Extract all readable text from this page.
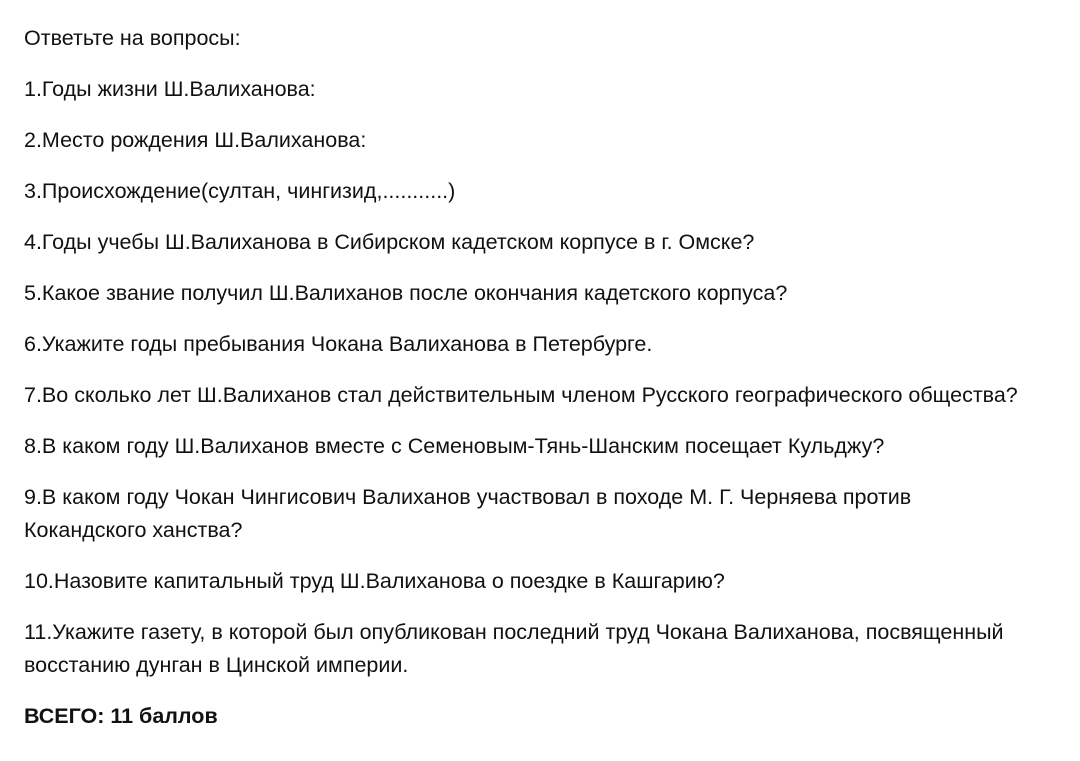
Ответьте на вопросы:

1.Годы жизни Ш.Валиханова:

2.Место рождения Ш.Валиханова:

3.Происхождение(султан, чингизид,...........)

4.Годы учебы Ш.Валиханова в Сибирском кадетском корпусе в г. Омске?

5.Какое звание получил Ш.Валиханов после окончания кадетского корпуса?

6.Укажите годы пребывания Чокана Валиханова в Петербурге.

7.Во сколько лет Ш.Валиханов стал действительным членом Русского географического общества?

8.В каком году Ш.Валиханов вместе с Семеновым-Тянь-Шанским посещает Кульджу?

9.В каком году Чокан Чингисович Валиханов участвовал в походе М. Г. Черняева против

Кокандского ханства?

10.Назовите капитальный труд Ш.Валиханова о поездке в Кашгарию?

11.Укажите газету, в которой был опубликован последний труд Чокана Валиханова, посвященный

восстанию дунган в Цинской империи.

ВСЕГО: 11 баллов
